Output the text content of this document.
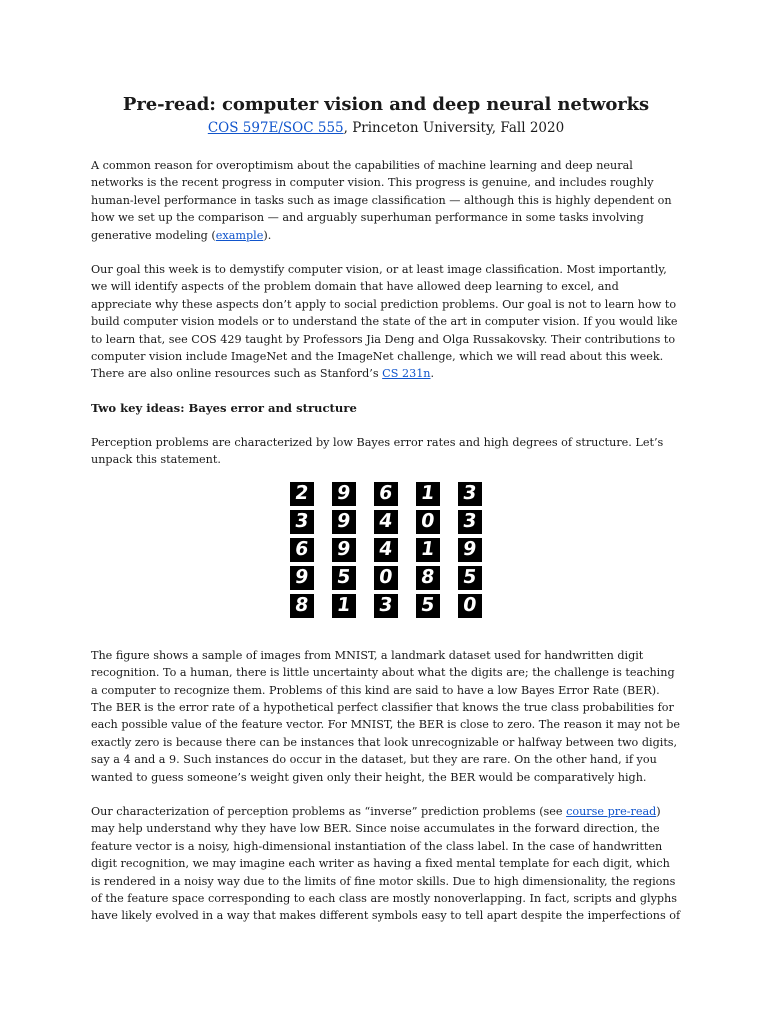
Pre-read: computer vision and deep neural networks
COS 597E/SOC 555, Princeton University, Fall 2020

A common reason for overoptimism about the capabilities of machine learning and deep neural networks is the recent progress in computer vision. This progress is genuine, and includes roughly human-level performance in tasks such as image classification — although this is highly dependent on how we set up the comparison — and arguably superhuman performance in some tasks involving generative modeling (example).

Our goal this week is to demystify computer vision, or at least image classification. Most importantly, we will identify aspects of the problem domain that have allowed deep learning to excel, and appreciate why these aspects don’t apply to social prediction problems. Our goal is not to learn how to build computer vision models or to understand the state of the art in computer vision. If you would like to learn that, see COS 429 taught by Professors Jia Deng and Olga Russakovsky. Their contributions to computer vision include ImageNet and the ImageNet challenge, which we will read about this week. There are also online resources such as Stanford’s CS 231n.

Two key ideas: Bayes error and structure

Perception problems are characterized by low Bayes error rates and high degrees of structure. Let’s unpack this statement.

2 9 6 1 3
3 9 4 0 3
6 9 4 1 9
9 5 0 8 5
8 1 3 5 0

The figure shows a sample of images from MNIST, a landmark dataset used for handwritten digit recognition. To a human, there is little uncertainty about what the digits are; the challenge is teaching a computer to recognize them. Problems of this kind are said to have a low Bayes Error Rate (BER). The BER is the error rate of a hypothetical perfect classifier that knows the true class probabilities for each possible value of the feature vector. For MNIST, the BER is close to zero. The reason it may not be exactly zero is because there can be instances that look unrecognizable or halfway between two digits, say a 4 and a 9. Such instances do occur in the dataset, but they are rare. On the other hand, if you wanted to guess someone’s weight given only their height, the BER would be comparatively high.

Our characterization of perception problems as “inverse” prediction problems (see course pre-read) may help understand why they have low BER. Since noise accumulates in the forward direction, the feature vector is a noisy, high-dimensional instantiation of the class label. In the case of handwritten digit recognition, we may imagine each writer as having a fixed mental template for each digit, which is rendered in a noisy way due to the limits of fine motor skills. Due to high dimensionality, the regions of the feature space corresponding to each class are mostly nonoverlapping. In fact, scripts and glyphs have likely evolved in a way that makes different symbols easy to tell apart despite the imperfections of
